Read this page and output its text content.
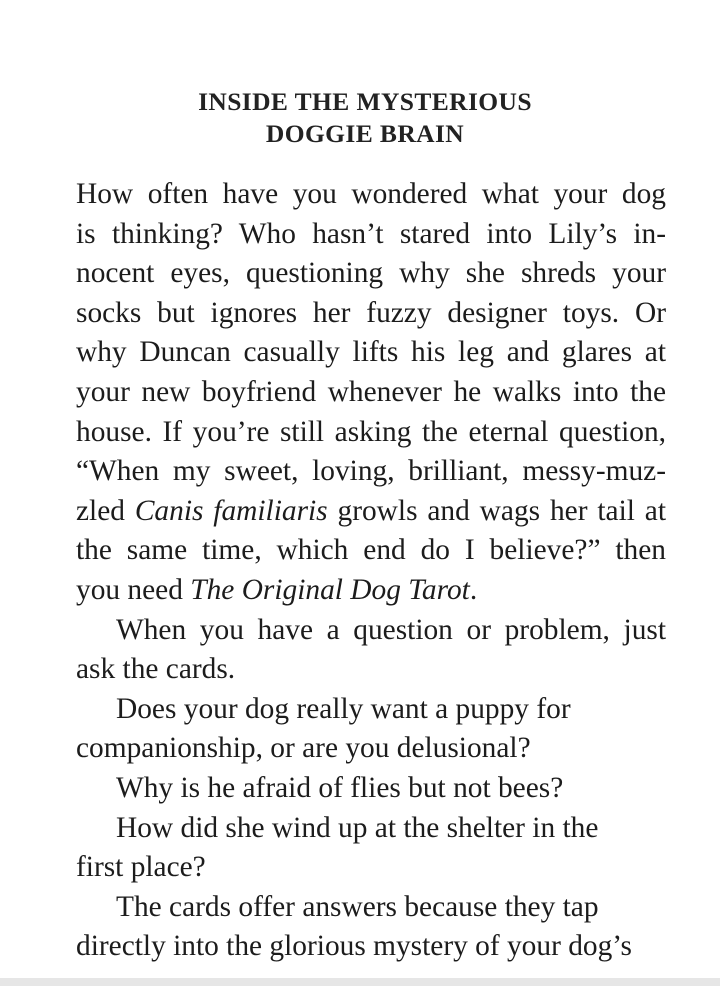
INSIDE THE MYSTERIOUS
DOGGIE BRAIN

How often have you wondered what your dog
is thinking? Who hasn’t stared into Lily’s in-
nocent eyes, questioning why she shreds your
socks but ignores her fuzzy designer toys. Or
why Duncan casually lifts his leg and glares at
your new boyfriend whenever he walks into the
house. If you’re still asking the eternal question,
“When my sweet, loving, brilliant, messy-muz-
zled Canis familiaris growls and wags her tail at
the same time, which end do I believe?” then
you need The Original Dog Tarot.

When you have a question or problem, just

ask the cards.

Does your dog really want a puppy for

companionship, or are you delusional?

Why is he afraid of flies but not bees?

How did she wind up at the shelter in the

first place?

The cards offer answers because they tap

directly into the glorious mystery of your dog’s
